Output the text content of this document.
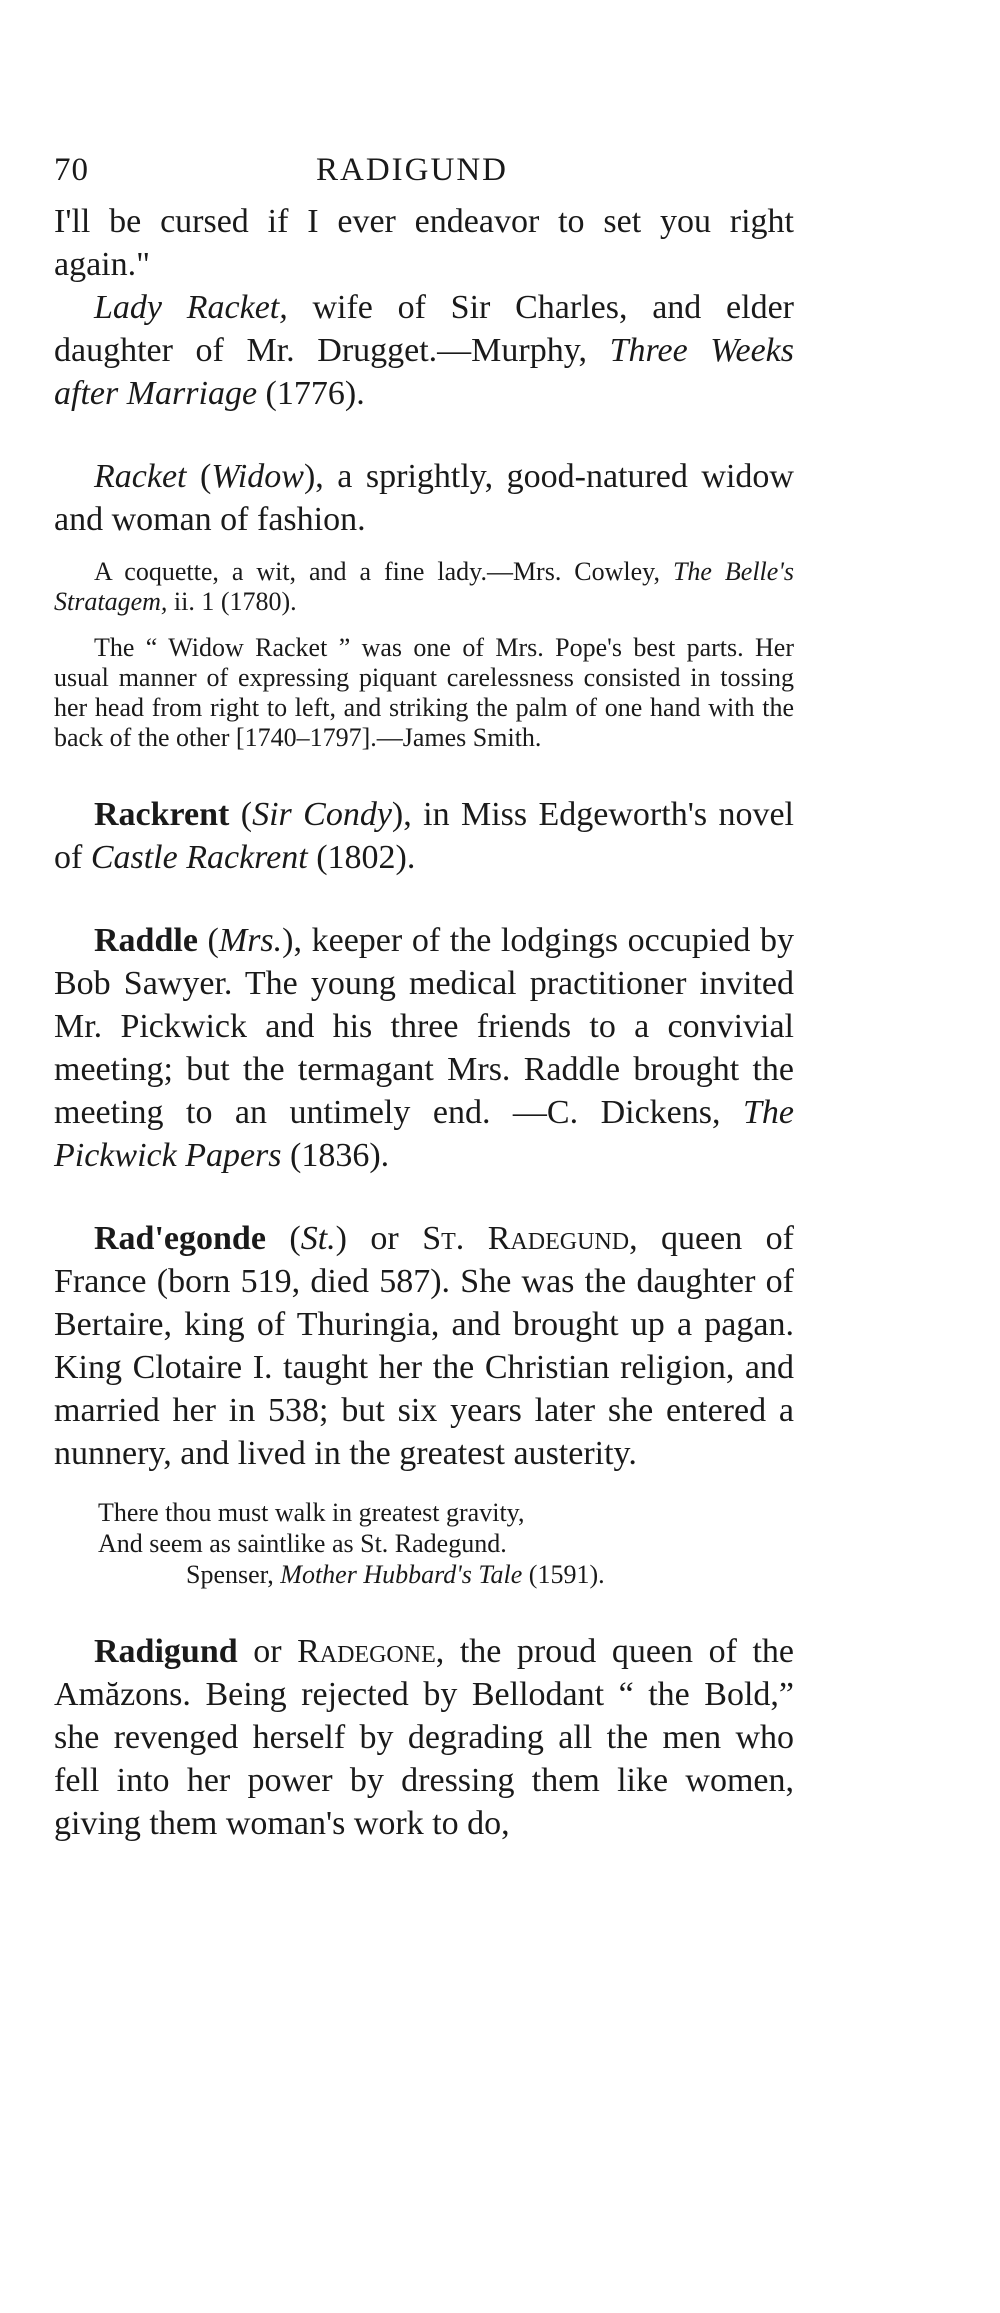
70	RADIGUND

I'll be cursed if I ever endeavor to set you right again."

Lady Racket, wife of Sir Charles, and elder daughter of Mr. Drugget.—Murphy, Three Weeks after Marriage (1776).

Racket (Widow), a sprightly, good-natured widow and woman of fashion.

A coquette, a wit, and a fine lady.—Mrs. Cowley, The Belle's Stratagem, ii. 1 (1780).

The “ Widow Racket ” was one of Mrs. Pope's best parts. Her usual manner of expressing piquant carelessness consisted in tossing her head from right to left, and striking the palm of one hand with the back of the other [1740–1797].—James Smith.

Rackrent (Sir Condy), in Miss Edgeworth's novel of Castle Rackrent (1802).

Raddle (Mrs.), keeper of the lodgings occupied by Bob Sawyer. The young medical practitioner invited Mr. Pickwick and his three friends to a convivial meeting; but the termagant Mrs. Raddle brought the meeting to an untimely end. —C. Dickens, The Pickwick Papers (1836).

Rad'egonde (St.) or St. Radegund, queen of France (born 519, died 587). She was the daughter of Bertaire, king of Thuringia, and brought up a pagan. King Clotaire I. taught her the Christian religion, and married her in 538; but six years later she entered a nunnery, and lived in the greatest austerity.

There thou must walk in greatest gravity,
And seem as saintlike as St. Radegund.
Spenser, Mother Hubbard's Tale (1591).

Radigund or Radegone, the proud queen of the Amăzons. Being rejected by Bellodant “ the Bold,” she revenged herself by degrading all the men who fell into her power by dressing them like women, giving them woman's work to do,
